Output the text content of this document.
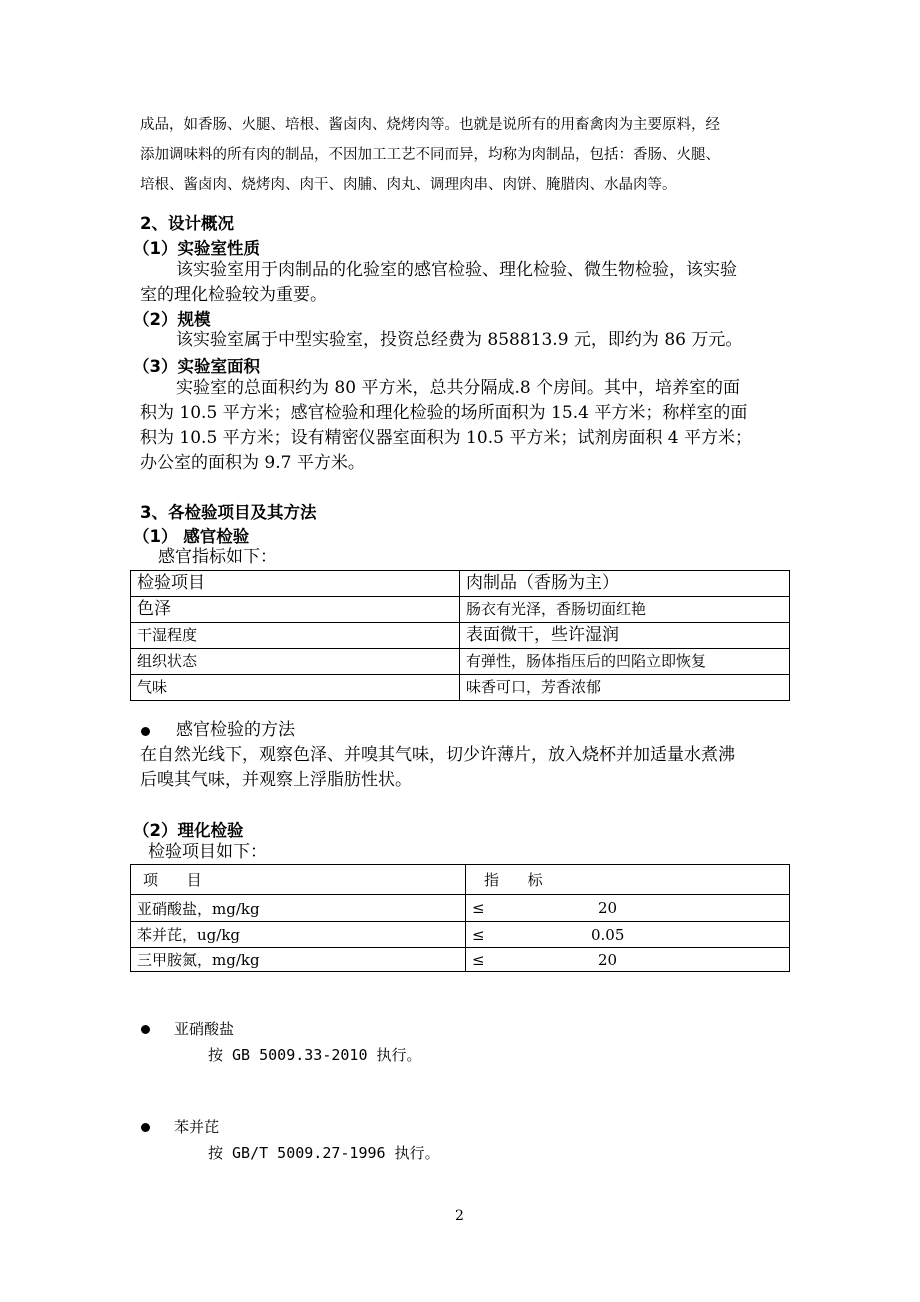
成品，如香肠、火腿、培根、酱卤肉、烧烤肉等。也就是说所有的用畜禽肉为主要原料，经
添加调味料的所有肉的制品，不因加工工艺不同而异，均称为肉制品，包括：香肠、火腿、
培根、酱卤肉、烧烤肉、肉干、肉脯、肉丸、调理肉串、肉饼、腌腊肉、水晶肉等。
2、设计概况
（1）实验室性质
该实验室用于肉制品的化验室的感官检验、理化检验、微生物检验，该实验
室的理化检验较为重要。
（2）规模
该实验室属于中型实验室，投资总经费为 858813.9 元，即约为 86 万元。
（3）实验室面积
实验室的总面积约为 80 平方米，总共分隔成.8 个房间。其中，培养室的面
积为 10.5 平方米；感官检验和理化检验的场所面积为 15.4 平方米；称样室的面
积为 10.5 平方米；设有精密仪器室面积为 10.5 平方米；试剂房面积 4 平方米；
办公室的面积为 9.7 平方米。
3、各检验项目及其方法
（1） 感官检验
感官指标如下：
检验项目	肉制品（香肠为主）
色泽	肠衣有光泽，香肠切面红艳
干湿程度	表面微干，些许湿润
组织状态	有弹性，肠体指压后的凹陷立即恢复
气味	味香可口，芳香浓郁
感官检验的方法
在自然光线下，观察色泽、并嗅其气味，切少许薄片，放入烧杯并加适量水煮沸
后嗅其气味，并观察上浮脂肪性状。
（2）理化检验
检验项目如下：
项      目	指      标	
亚硝酸盐，mg/kg	≤	20
苯并芘，ug/kg	≤	0.05
三甲胺氮，mg/kg	≤	20
亚硝酸盐
按 GB 5009.33-2010 执行。
苯并芘
按 GB/T 5009.27-1996 执行。
2
